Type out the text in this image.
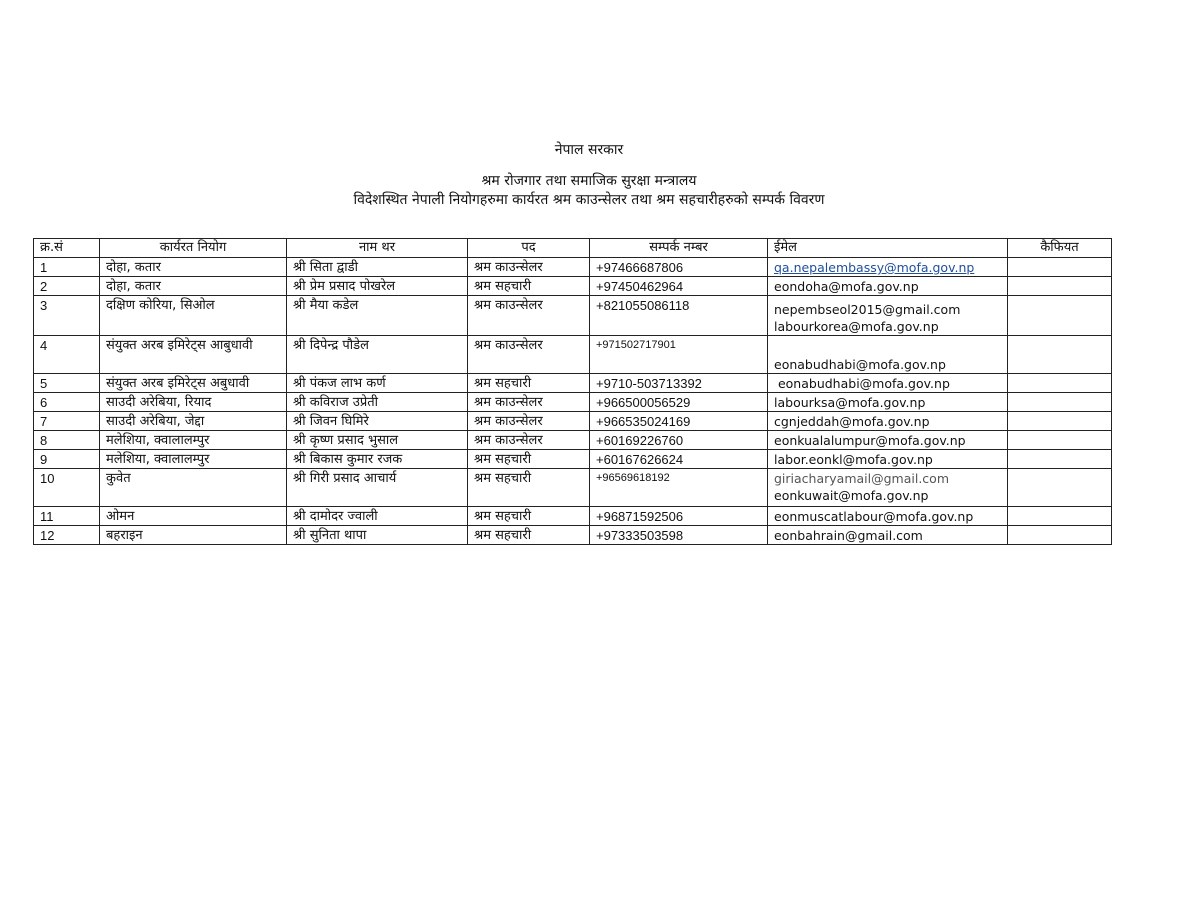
नेपाल सरकार
श्रम रोजगार तथा समाजिक सुरक्षा मन्त्रालय
विदेशस्थित नेपाली नियोगहरुमा कार्यरत श्रम काउन्सेलर तथा श्रम सहचारीहरुको सम्पर्क विवरण
क्र.सं	कार्यरत नियोग	नाम थर	पद	सम्पर्क नम्बर	ईमेल	कैफियत
1	दोहा, कतार	श्री सिता द्वाडी	श्रम काउन्सेलर	+97466687806	qa.nepalembassy@mofa.gov.np	
2	दोहा, कतार	श्री प्रेम प्रसाद पोखरेल	श्रम सहचारी	+97450462964	eondoha@mofa.gov.np	
3	दक्षिण कोरिया, सिओल	श्री मैया कडेल	श्रम काउन्सेलर	+821055086118	nepembseol2015@gmail.com
labourkorea@mofa.gov.np	

4	संयुक्त अरब इमिरेट्स आबुधावी	श्री दिपेन्द्र पौडेल	श्रम काउन्सेलर	+971502717901	eonabudhabi@mofa.gov.np	

5	संयुक्त अरब इमिरेट्स अबुधावी	श्री पंकज लाभ कर्ण	श्रम सहचारी	+9710-503713392	eonabudhabi@mofa.gov.np	
6	साउदी अरेबिया, रियाद	श्री कविराज उप्रेती	श्रम काउन्सेलर	+966500056529	labourksa@mofa.gov.np	
7	साउदी अरेबिया, जेद्दा	श्री जिवन घिमिरे	श्रम काउन्सेलर	+966535024169	cgnjeddah@mofa.gov.np	
8	मलेशिया, क्वालालम्पुर	श्री कृष्ण प्रसाद भुसाल	श्रम काउन्सेलर	+60169226760	eonkualalumpur@mofa.gov.np	
9	मलेशिया, क्वालालम्पुर	श्री बिकास कुमार रजक	श्रम सहचारी	+60167626624	labor.eonkl@mofa.gov.np	
10	कुवेत	श्री गिरी प्रसाद आचार्य	श्रम सहचारी	+96569618192	giriacharyamail@gmail.com
eonkuwait@mofa.gov.np	

11	ओमन	श्री दामोदर ज्वाली	श्रम सहचारी	+96871592506	eonmuscatlabour@mofa.gov.np	
12	बहराइन	श्री सुनिता थापा	श्रम सहचारी	+97333503598	eonbahrain@gmail.com	
